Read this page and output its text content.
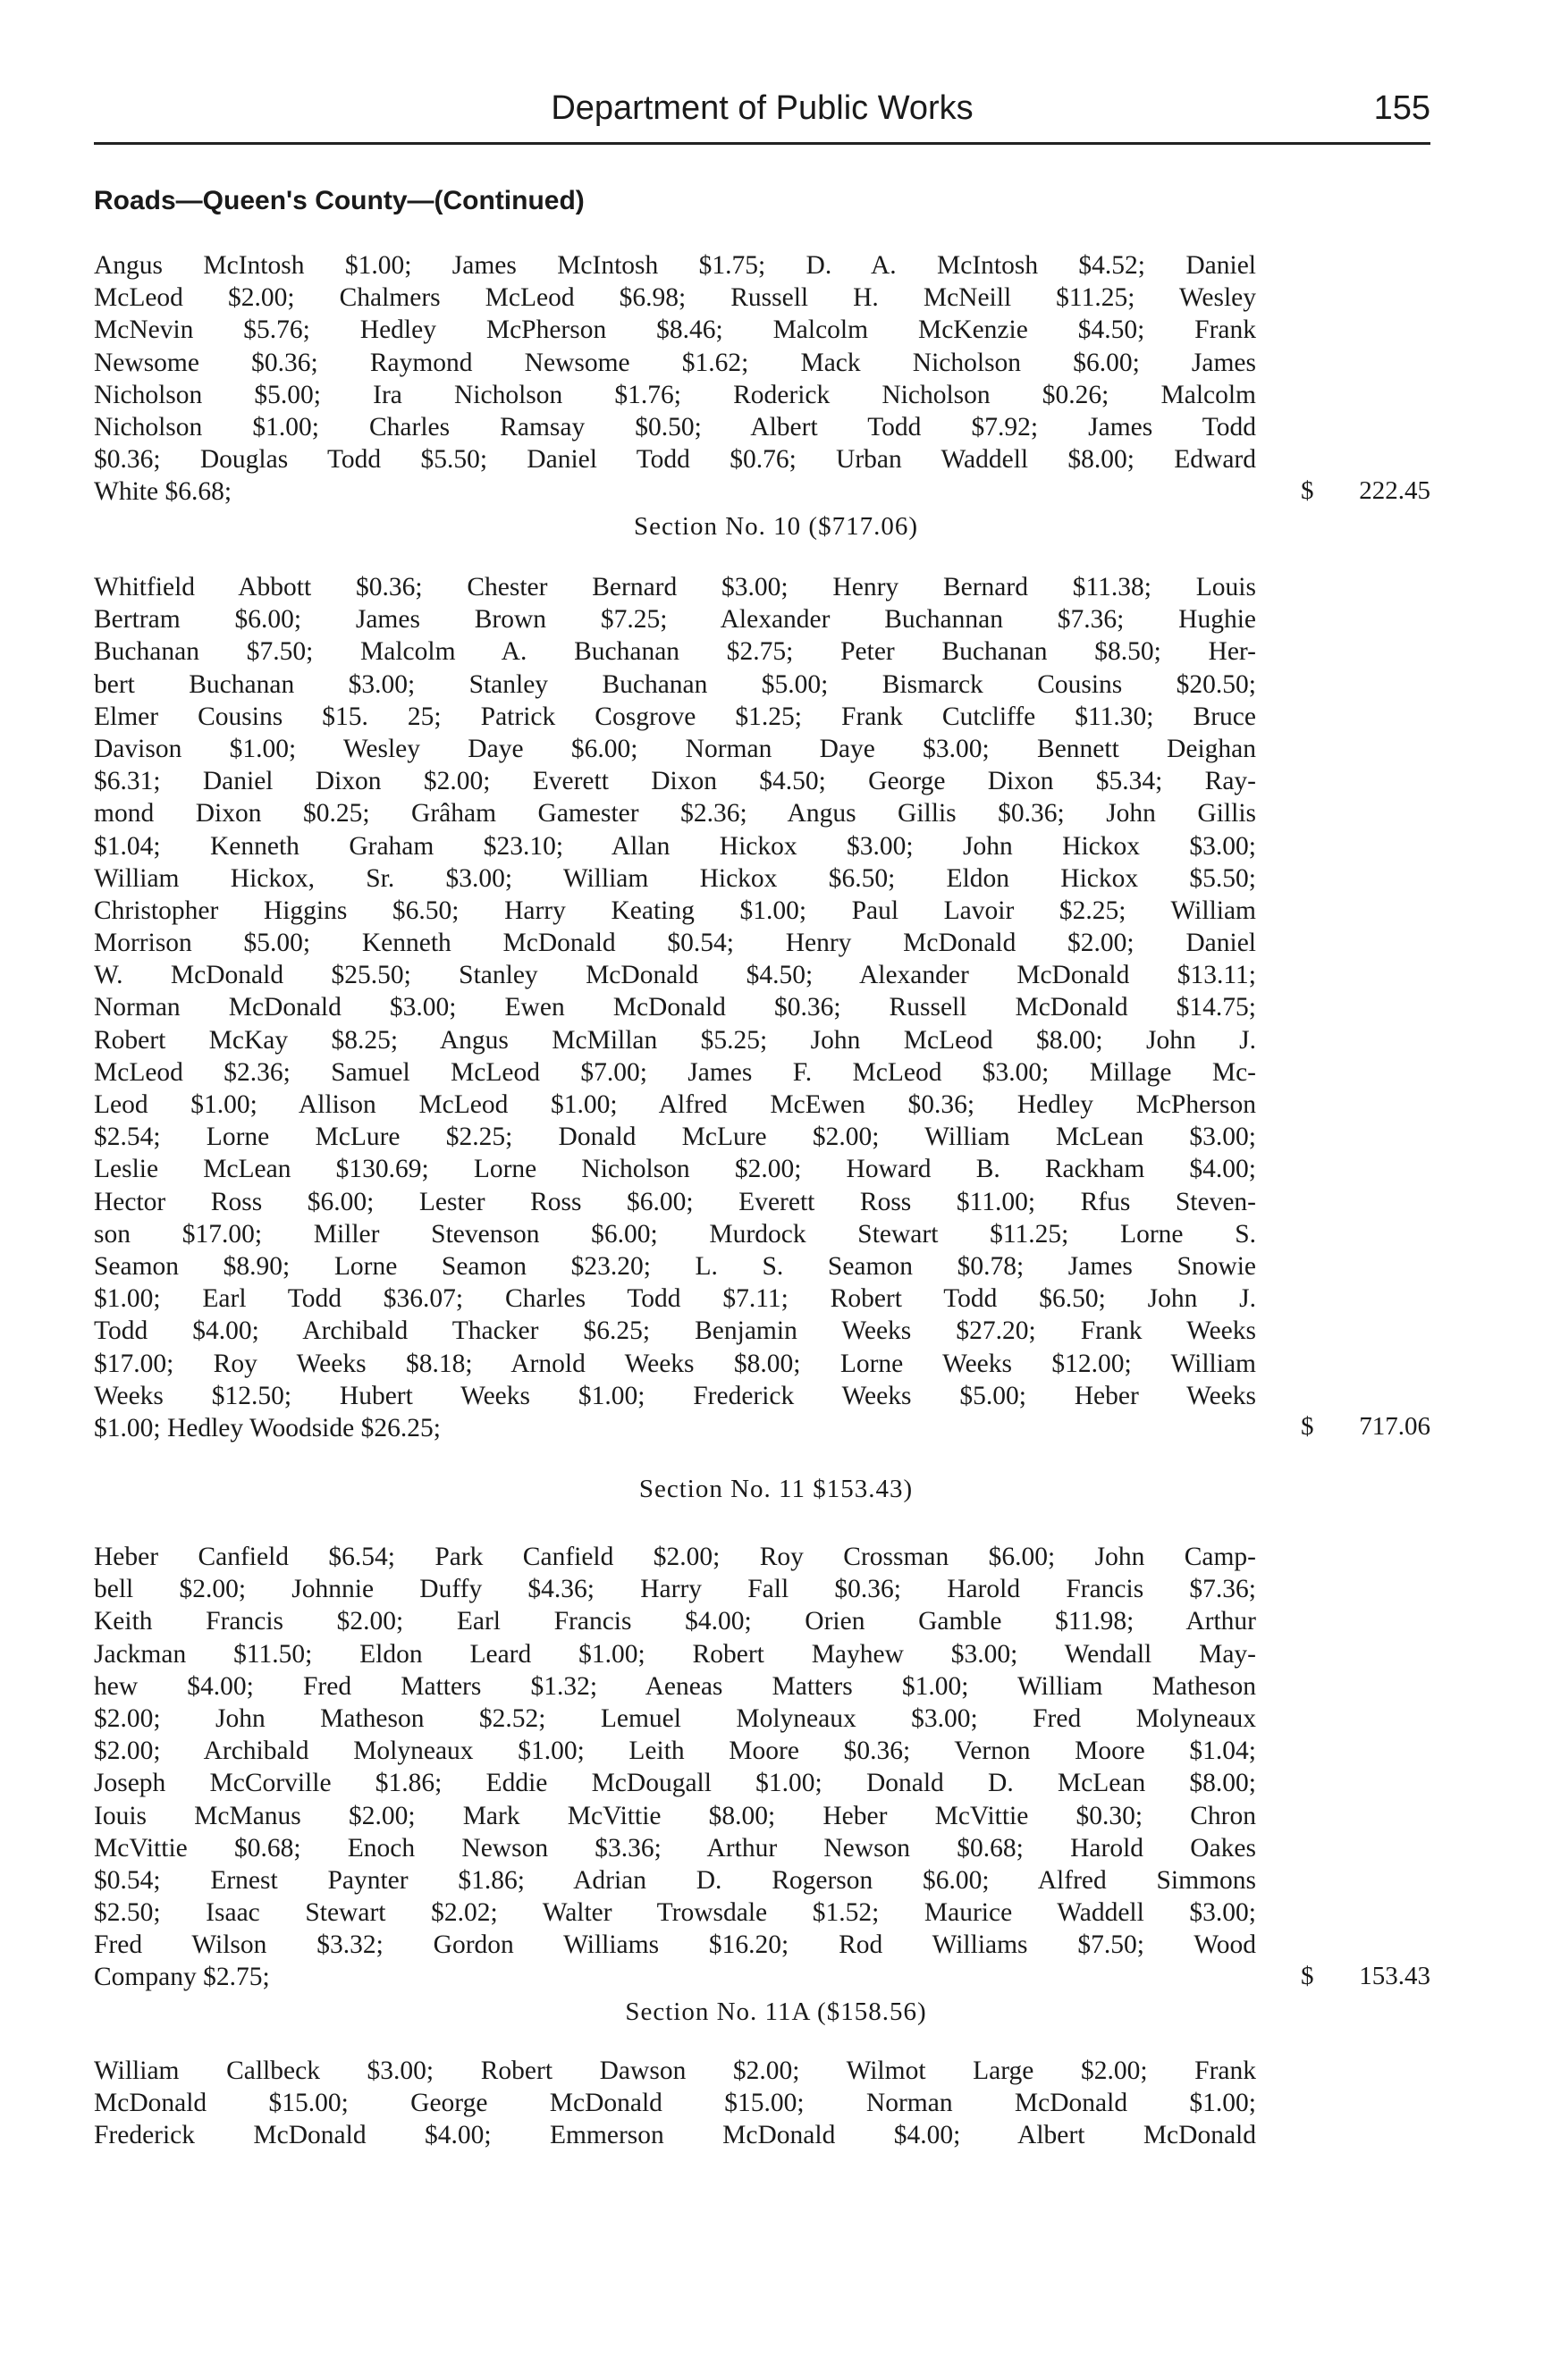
Department of Public Works	155
Roads—Queen's County—(Continued)
Angus McIntosh $1.00; James McIntosh $1.75; D. A. McIntosh $4.52; Daniel
McLeod $2.00; Chalmers McLeod $6.98; Russell H. McNeill $11.25; Wesley
McNevin $5.76; Hedley McPherson $8.46; Malcolm McKenzie $4.50; Frank
Newsome $0.36; Raymond Newsome $1.62; Mack Nicholson $6.00; James
Nicholson $5.00; Ira Nicholson $1.76; Roderick Nicholson $0.26; Malcolm
Nicholson $1.00; Charles Ramsay $0.50; Albert Todd $7.92; James Todd
$0.36; Douglas Todd $5.50; Daniel Todd $0.76; Urban Waddell $8.00; Edward
White $6.68;	$ 222.45
Section No. 10 ($717.06)
Whitfield Abbott $0.36; Chester Bernard $3.00; Henry Bernard $11.38; Louis
Bertram $6.00; James Brown $7.25; Alexander Buchannan $7.36; Hughie
Buchanan $7.50; Malcolm A. Buchanan $2.75; Peter Buchanan $8.50; Her-
bert Buchanan $3.00; Stanley Buchanan $5.00; Bismarck Cousins $20.50;
Elmer Cousins $15. 25; Patrick Cosgrove $1.25; Frank Cutcliffe $11.30; Bruce
Davison $1.00; Wesley Daye $6.00; Norman Daye $3.00; Bennett Deighan
$6.31; Daniel Dixon $2.00; Everett Dixon $4.50; George Dixon $5.34; Ray-
mond Dixon $0.25; Grâham Gamester $2.36; Angus Gillis $0.36; John Gillis
$1.04; Kenneth Graham $23.10; Allan Hickox $3.00; John Hickox $3.00;
William Hickox, Sr. $3.00; William Hickox $6.50; Eldon Hickox $5.50;
Christopher Higgins $6.50; Harry Keating $1.00; Paul Lavoir $2.25; William
Morrison $5.00; Kenneth McDonald $0.54; Henry McDonald $2.00; Daniel
W. McDonald $25.50; Stanley McDonald $4.50; Alexander McDonald $13.11;
Norman McDonald $3.00; Ewen McDonald $0.36; Russell McDonald $14.75;
Robert McKay $8.25; Angus McMillan $5.25; John McLeod $8.00; John J.
McLeod $2.36; Samuel McLeod $7.00; James F. McLeod $3.00; Millage Mc-
Leod $1.00; Allison McLeod $1.00; Alfred McEwen $0.36; Hedley McPherson
$2.54; Lorne McLure $2.25; Donald McLure $2.00; William McLean $3.00;
Leslie McLean $130.69; Lorne Nicholson $2.00; Howard B. Rackham $4.00;
Hector Ross $6.00; Lester Ross $6.00; Everett Ross $11.00; Rfus Steven-
son $17.00; Miller Stevenson $6.00; Murdock Stewart $11.25; Lorne S.
Seamon $8.90; Lorne Seamon $23.20; L. S. Seamon $0.78; James Snowie
$1.00; Earl Todd $36.07; Charles Todd $7.11; Robert Todd $6.50; John J.
Todd $4.00; Archibald Thacker $6.25; Benjamin Weeks $27.20; Frank Weeks
$17.00; Roy Weeks $8.18; Arnold Weeks $8.00; Lorne Weeks $12.00; William
Weeks $12.50; Hubert Weeks $1.00; Frederick Weeks $5.00; Heber Weeks
$1.00; Hedley Woodside $26.25;	$ 717.06
Section No. 11 $153.43)
Heber Canfield $6.54; Park Canfield $2.00; Roy Crossman $6.00; John Camp-
bell $2.00; Johnnie Duffy $4.36; Harry Fall $0.36; Harold Francis $7.36;
Keith Francis $2.00; Earl Francis $4.00; Orien Gamble $11.98; Arthur
Jackman $11.50; Eldon Leard $1.00; Robert Mayhew $3.00; Wendall May-
hew $4.00; Fred Matters $1.32; Aeneas Matters $1.00; William Matheson
$2.00; John Matheson $2.52; Lemuel Molyneaux $3.00; Fred Molyneaux
$2.00; Archibald Molyneaux $1.00; Leith Moore $0.36; Vernon Moore $1.04;
Joseph McCorville $1.86; Eddie McDougall $1.00; Donald D. McLean $8.00;
Iouis McManus $2.00; Mark McVittie $8.00; Heber McVittie $0.30; Chron
McVittie $0.68; Enoch Newson $3.36; Arthur Newson $0.68; Harold Oakes
$0.54; Ernest Paynter $1.86; Adrian D. Rogerson $6.00; Alfred Simmons
$2.50; Isaac Stewart $2.02; Walter Trowsdale $1.52; Maurice Waddell $3.00;
Fred Wilson $3.32; Gordon Williams $16.20; Rod Williams $7.50; Wood
Company $2.75;	$ 153.43
Section No. 11A ($158.56)
William Callbeck $3.00; Robert Dawson $2.00; Wilmot Large $2.00; Frank
McDonald $15.00; George McDonald $15.00; Norman McDonald $1.00;
Frederick McDonald $4.00; Emmerson McDonald $4.00; Albert McDonald
